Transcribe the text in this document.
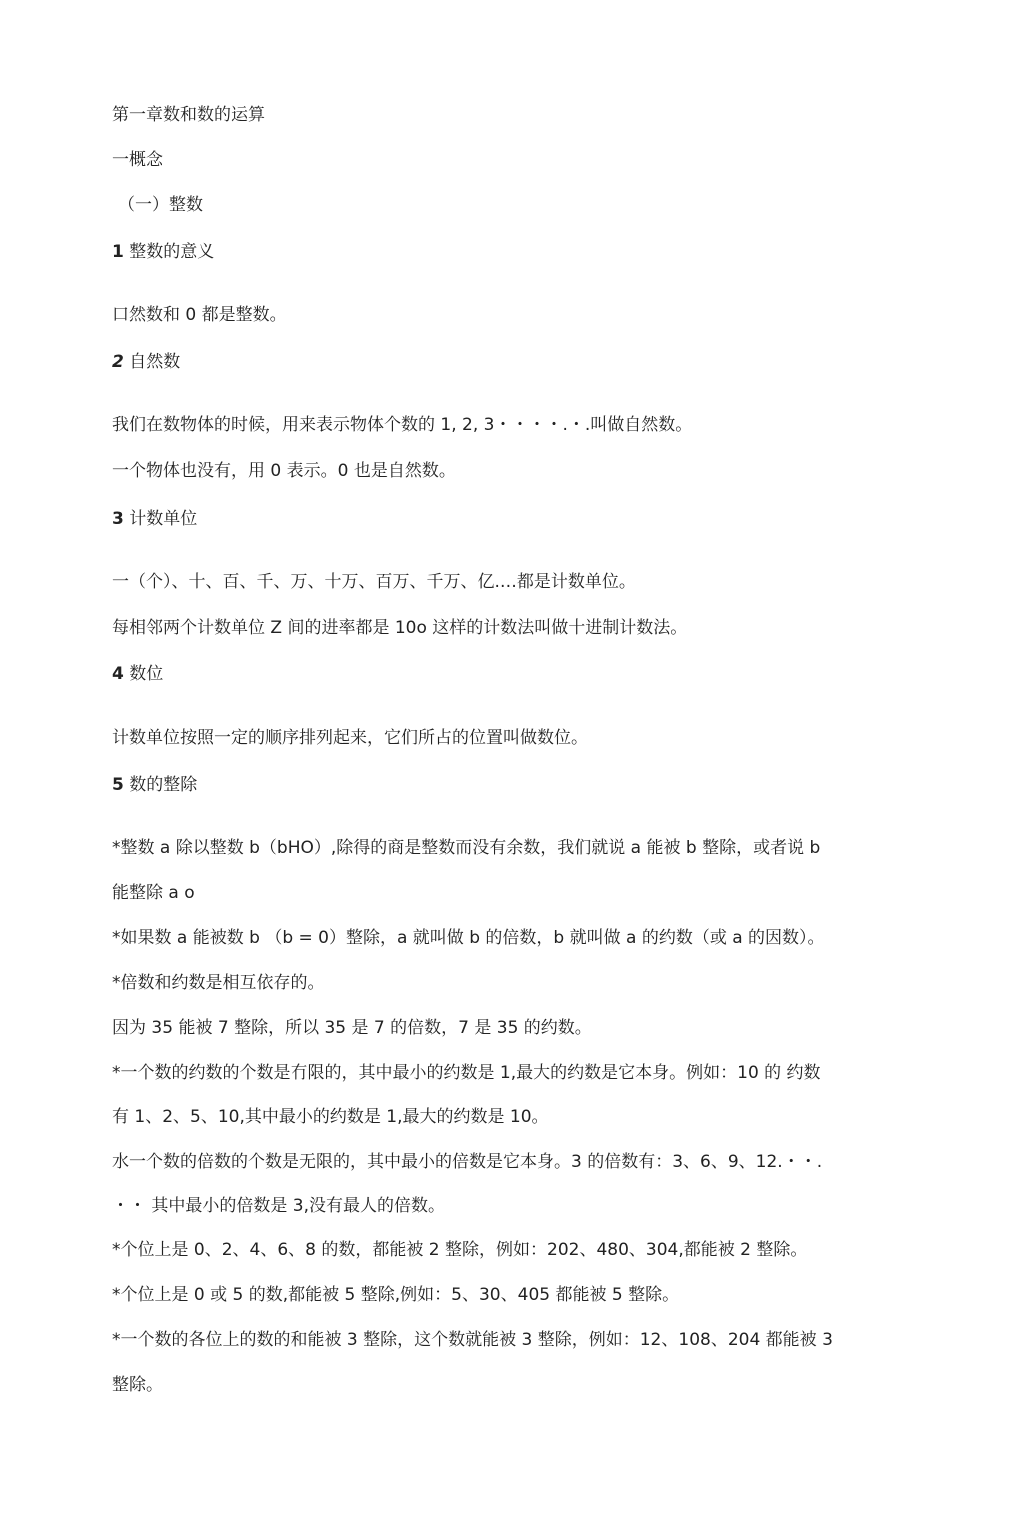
第一章数和数的运算
一概念
（一）整数
1 整数的意义
口然数和 0 都是整数。
2 自然数
我们在数物体的时候，用来表示物体个数的 1, 2, 3・・・・.・.叫做自然数。
一个物体也没有，用 0 表示。0 也是自然数。
3 计数单位
一（个）、十、百、千、万、十万、百万、千万、亿.…都是计数单位。
每相邻两个计数单位 Z 间的进率都是 10o 这样的计数法叫做十进制计数法。
4 数位
计数单位按照一定的顺序排列起来，它们所占的位置叫做数位。
5 数的整除
*整数 a 除以整数 b（bHO）,除得的商是整数而没有余数，我们就说 a 能被 b 整除，或者说 b
能整除 a o
*如果数 a 能被数 b （b = 0）整除，a 就叫做 b 的倍数，b 就叫做 a 的约数（或 a 的因数）。
*倍数和约数是相互依存的。
因为 35 能被 7 整除，所以 35 是 7 的倍数，7 是 35 的约数。
*一个数的约数的个数是冇限的，其中最小的约数是 1,最大的约数是它本身。例如：10 的 约数
有 1、2、5、10,其中最小的约数是 1,最大的约数是 10。
水一个数的倍数的个数是无限的，其中最小的倍数是它本身。3 的倍数有：3、6、9、12.・・.
・・ 其中最小的倍数是 3,没有最人的倍数。
*个位上是 0、2、4、6、8 的数，都能被 2 整除，例如：202、480、304,都能被 2 整除。
*个位上是 0 或 5 的数,都能被 5 整除,例如：5、30、405 都能被 5 整除。
*一个数的各位上的数的和能被 3 整除，这个数就能被 3 整除，例如：12、108、204 都能被 3
整除。
